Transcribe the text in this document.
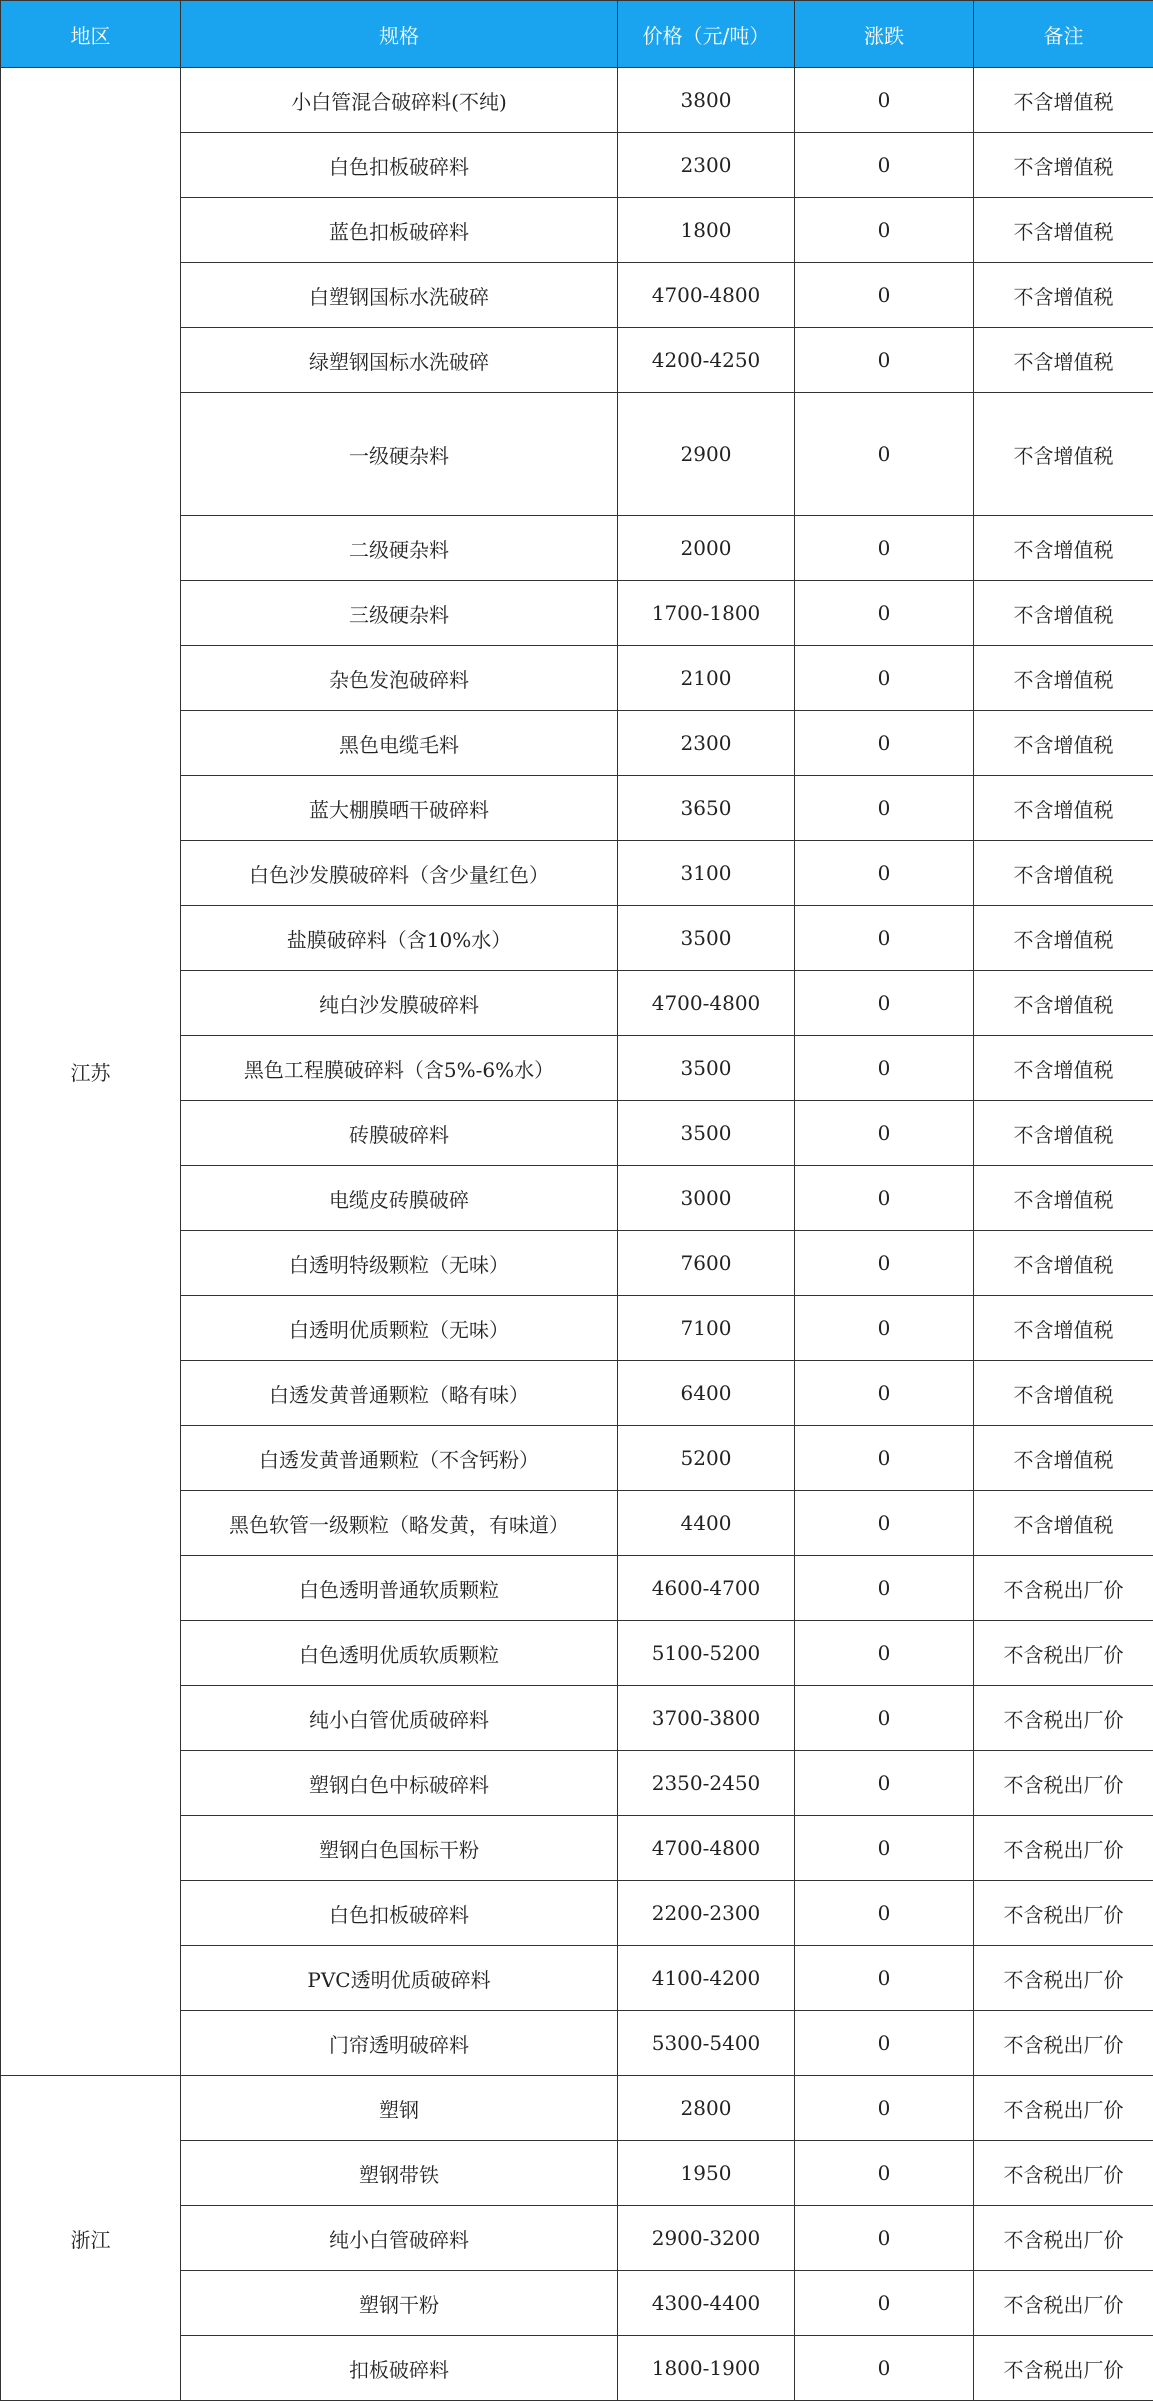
地区	规格	价格（元/吨）	涨跌	备注
江苏	小白管混合破碎料(不纯)	3800	0	不含增值税
	白色扣板破碎料	2300	0	不含增值税
	蓝色扣板破碎料	1800	0	不含增值税
	白塑钢国标水洗破碎	4700-4800	0	不含增值税
	绿塑钢国标水洗破碎	4200-4250	0	不含增值税
	一级硬杂料	2900	0	不含增值税
	二级硬杂料	2000	0	不含增值税
	三级硬杂料	1700-1800	0	不含增值税
	杂色发泡破碎料	2100	0	不含增值税
	黑色电缆毛料	2300	0	不含增值税
	蓝大棚膜晒干破碎料	3650	0	不含增值税
	白色沙发膜破碎料（含少量红色）	3100	0	不含增值税
	盐膜破碎料（含10%水）	3500	0	不含增值税
	纯白沙发膜破碎料	4700-4800	0	不含增值税
	黑色工程膜破碎料（含5%-6%水）	3500	0	不含增值税
	砖膜破碎料	3500	0	不含增值税
	电缆皮砖膜破碎	3000	0	不含增值税
	白透明特级颗粒（无味）	7600	0	不含增值税
	白透明优质颗粒（无味）	7100	0	不含增值税
	白透发黄普通颗粒（略有味）	6400	0	不含增值税
	白透发黄普通颗粒（不含钙粉）	5200	0	不含增值税
	黑色软管一级颗粒（略发黄，有味道）	4400	0	不含增值税
	白色透明普通软质颗粒	4600-4700	0	不含税出厂价
	白色透明优质软质颗粒	5100-5200	0	不含税出厂价
	纯小白管优质破碎料	3700-3800	0	不含税出厂价
	塑钢白色中标破碎料	2350-2450	0	不含税出厂价
	塑钢白色国标干粉	4700-4800	0	不含税出厂价
	白色扣板破碎料	2200-2300	0	不含税出厂价
	PVC透明优质破碎料	4100-4200	0	不含税出厂价
	门帘透明破碎料	5300-5400	0	不含税出厂价
浙江	塑钢	2800	0	不含税出厂价
	塑钢带铁	1950	0	不含税出厂价
	纯小白管破碎料	2900-3200	0	不含税出厂价
	塑钢干粉	4300-4400	0	不含税出厂价
	扣板破碎料	1800-1900	0	不含税出厂价
